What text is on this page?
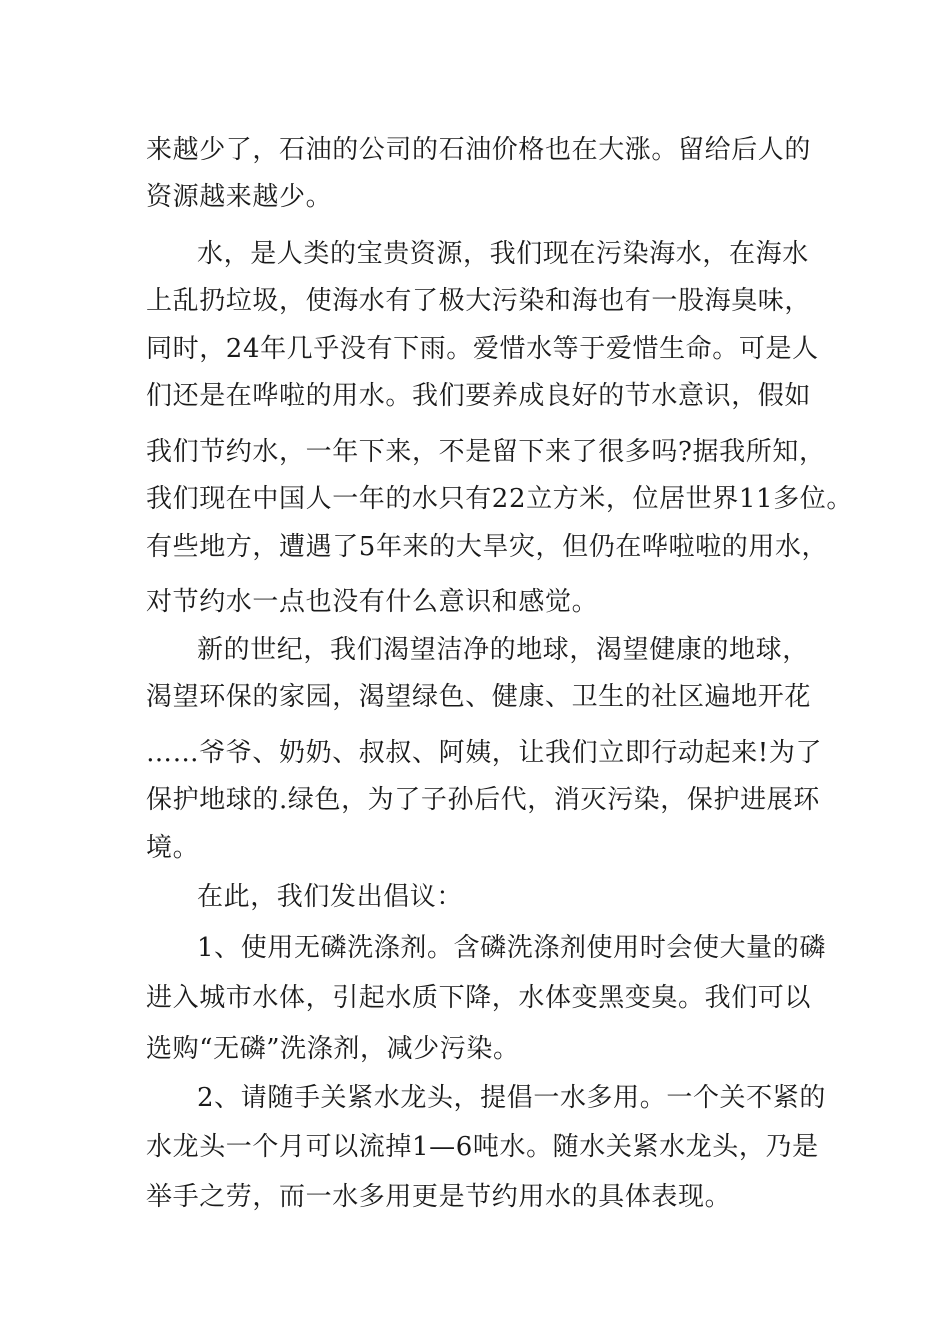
来越少了，石油的公司的石油价格也在大涨。留给后人的
资源越来越少。
水，是人类的宝贵资源，我们现在污染海水，在海水
上乱扔垃圾，使海水有了极大污染和海也有一股海臭味，
同时，24年几乎没有下雨。爱惜水等于爱惜生命。可是人
们还是在哗啦的用水。我们要养成良好的节水意识，假如
我们节约水，一年下来，不是留下来了很多吗?据我所知，
我们现在中国人一年的水只有22立方米，位居世界11多位。
有些地方，遭遇了5年来的大旱灾，但仍在哗啦啦的用水，
对节约水一点也没有什么意识和感觉。
新的世纪，我们渴望洁净的地球，渴望健康的地球，
渴望环保的家园，渴望绿色、健康、卫生的社区遍地开花
……爷爷、奶奶、叔叔、阿姨，让我们立即行动起来!为了
保护地球的.绿色，为了子孙后代，消灭污染，保护进展环
境。
在此，我们发出倡议：
1、使用无磷洗涤剂。含磷洗涤剂使用时会使大量的磷
进入城市水体，引起水质下降，水体变黑变臭。我们可以
选购“无磷”洗涤剂，减少污染。
2、请随手关紧水龙头，提倡一水多用。一个关不紧的
水龙头一个月可以流掉1—6吨水。随水关紧水龙头，乃是
举手之劳，而一水多用更是节约用水的具体表现。
